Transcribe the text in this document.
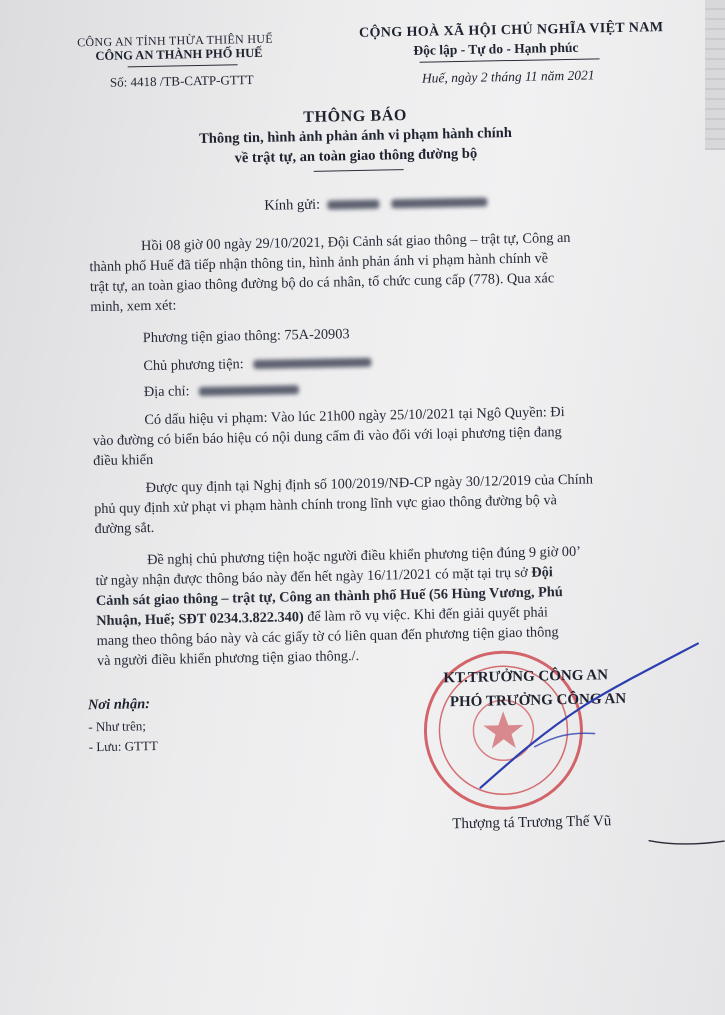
CÔNG AN TỈNH THỪA THIÊN HUẾ
CÔNG AN THÀNH PHỐ HUẾ
CỘNG HOÀ XÃ HỘI CHỦ NGHĨA VIỆT NAM
Độc lập - Tự do - Hạnh phúc
Số: 4418 /TB-CATP-GTTT	Huế, ngày 2 tháng 11 năm 2021
THÔNG BÁO
Thông tin, hình ảnh phản ánh vi phạm hành chính
về trật tự, an toàn giao thông đường bộ
Kính gửi:
Hồi 08 giờ 00 ngày 29/10/2021, Đội Cảnh sát giao thông – trật tự, Công an
thành phố Huế đã tiếp nhận thông tin, hình ảnh phản ánh vi phạm hành chính về
trật tự, an toàn giao thông đường bộ do cá nhân, tổ chức cung cấp (778). Qua xác
minh, xem xét:
Phương tiện giao thông: 75A-20903
Chủ phương tiện:
Địa chỉ:
Có dấu hiệu vi phạm: Vào lúc 21h00 ngày 25/10/2021 tại Ngô Quyền: Đi
vào đường có biển báo hiệu có nội dung cấm đi vào đối với loại phương tiện đang
điều khiển
Được quy định tại Nghị định số 100/2019/NĐ-CP ngày 30/12/2019 của Chính
phủ quy định xử phạt vi phạm hành chính trong lĩnh vực giao thông đường bộ và
đường sắt.
Đề nghị chủ phương tiện hoặc người điều khiển phương tiện đúng 9 giờ 00’
từ ngày nhận được thông báo này đến hết ngày 16/11/2021 có mặt tại trụ sở Đội
Cảnh sát giao thông – trật tự, Công an thành phố Huế (56 Hùng Vương, Phú
Nhuận, Huế; SĐT 0234.3.822.340) để làm rõ vụ việc. Khi đến giải quyết phải
mang theo thông báo này và các giấy tờ có liên quan đến phương tiện giao thông
và người điều khiển phương tiện giao thông./.
Nơi nhận:
- Như trên;
- Lưu: GTTT
KT.TRƯỞNG CÔNG AN
PHÓ TRƯỞNG CÔNG AN
Thượng tá Trương Thế Vũ
